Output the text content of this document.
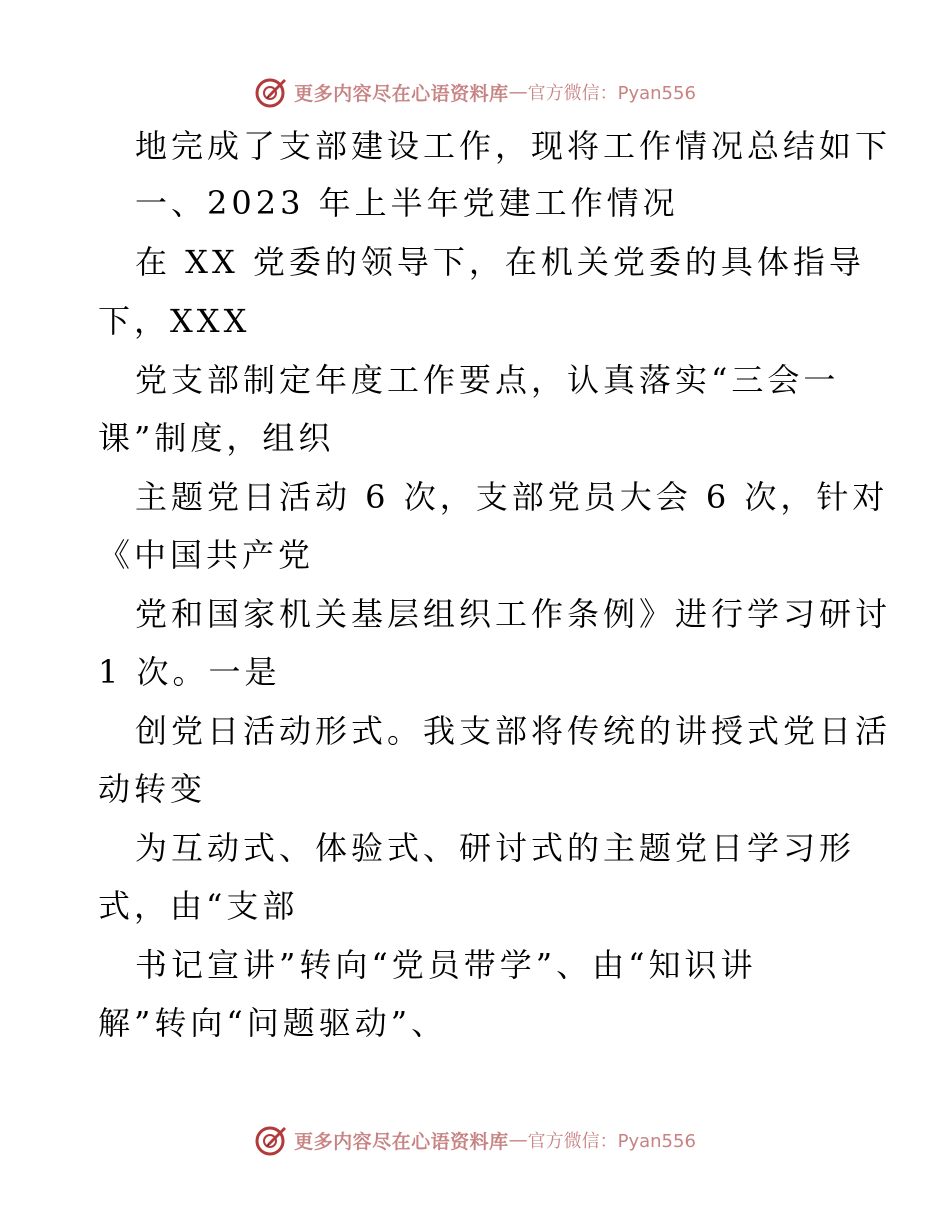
更多内容尽在心语资料库 — 官方微信：Pyan556
地完成了支部建设工作，现将工作情况总结如下
一、2023 年上半年党建工作情况
在 XX 党委的领导下，在机关党委的具体指导
下，XXX
党支部制定年度工作要点，认真落实“三会一
课”制度，组织
主题党日活动 6 次，支部党员大会 6 次，针对
《中国共产党
党和国家机关基层组织工作条例》进行学习研讨
1 次。一是
创党日活动形式。我支部将传统的讲授式党日活
动转变
为互动式、体验式、研讨式的主题党日学习形
式，由“支部
书记宣讲”转向“党员带学”、由“知识讲
解”转向“问题驱动”、
更多内容尽在心语资料库 — 官方微信：Pyan556
